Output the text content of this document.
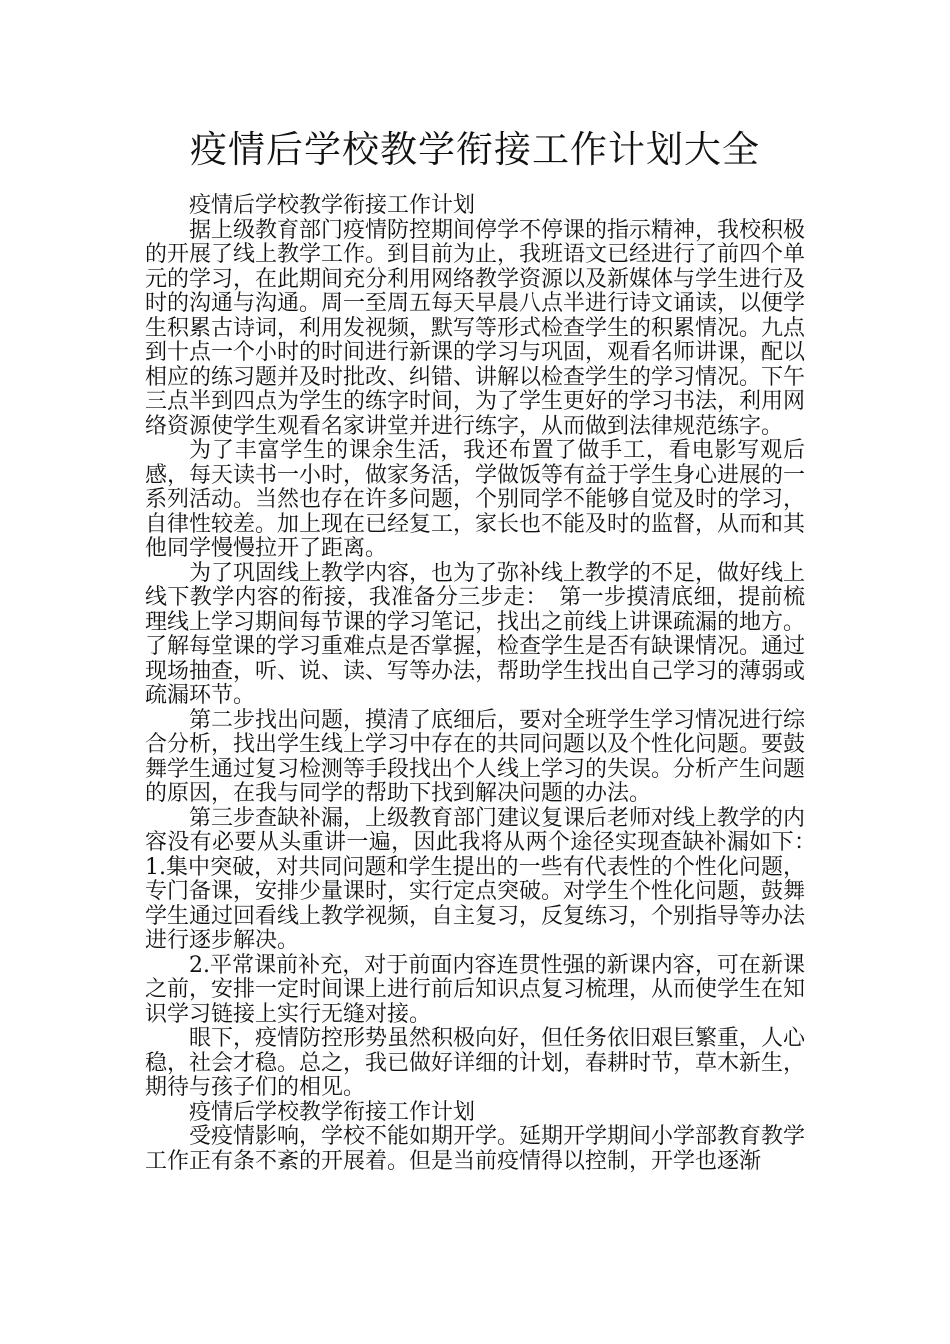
疫情后学校教学衔接工作计划大全

疫情后学校教学衔接工作计划

据上级教育部门疫情防控期间停学不停课的指示精神，我校积极的开展了线上教学工作。到目前为止，我班语文已经进行了前四个单元的学习，在此期间充分利用网络教学资源以及新媒体与学生进行及时的沟通与沟通。周一至周五每天早晨八点半进行诗文诵读，以便学生积累古诗词，利用发视频，默写等形式检查学生的积累情况。九点到十点一个小时的时间进行新课的学习与巩固，观看名师讲课，配以相应的练习题并及时批改、纠错、讲解以检查学生的学习情况。下午三点半到四点为学生的练字时间，为了学生更好的学习书法，利用网络资源使学生观看名家讲堂并进行练字，从而做到法律规范练字。

为了丰富学生的课余生活，我还布置了做手工，看电影写观后感，每天读书一小时，做家务活，学做饭等有益于学生身心进展的一系列活动。当然也存在许多问题，个别同学不能够自觉及时的学习，自律性较差。加上现在已经复工，家长也不能及时的监督，从而和其他同学慢慢拉开了距离。

为了巩固线上教学内容，也为了弥补线上教学的不足，做好线上线下教学内容的衔接，我准备分三步走：　第一步摸清底细，提前梳理线上学习期间每节课的学习笔记，找出之前线上讲课疏漏的地方。了解每堂课的学习重难点是否掌握，检查学生是否有缺课情况。通过现场抽查，听、说、读、写等办法，帮助学生找出自己学习的薄弱或疏漏环节。

第二步找出问题，摸清了底细后，要对全班学生学习情况进行综合分析，找出学生线上学习中存在的共同问题以及个性化问题。要鼓舞学生通过复习检测等手段找出个人线上学习的失误。分析产生问题的原因，在我与同学的帮助下找到解决问题的办法。

第三步查缺补漏，上级教育部门建议复课后老师对线上教学的内容没有必要从头重讲一遍，因此我将从两个途径实现查缺补漏如下：　1.集中突破，对共同问题和学生提出的一些有代表性的个性化问题，专门备课，安排少量课时，实行定点突破。对学生个性化问题，鼓舞学生通过回看线上教学视频，自主复习，反复练习，个别指导等办法进行逐步解决。

2.平常课前补充，对于前面内容连贯性强的新课内容，可在新课之前，安排一定时间课上进行前后知识点复习梳理，从而使学生在知识学习链接上实行无缝对接。

眼下，疫情防控形势虽然积极向好，但任务依旧艰巨繁重，人心稳，社会才稳。总之，我已做好详细的计划，春耕时节，草木新生，期待与孩子们的相见。

疫情后学校教学衔接工作计划

受疫情影响，学校不能如期开学。延期开学期间小学部教育教学工作正有条不紊的开展着。但是当前疫情得以控制，开学也逐渐
